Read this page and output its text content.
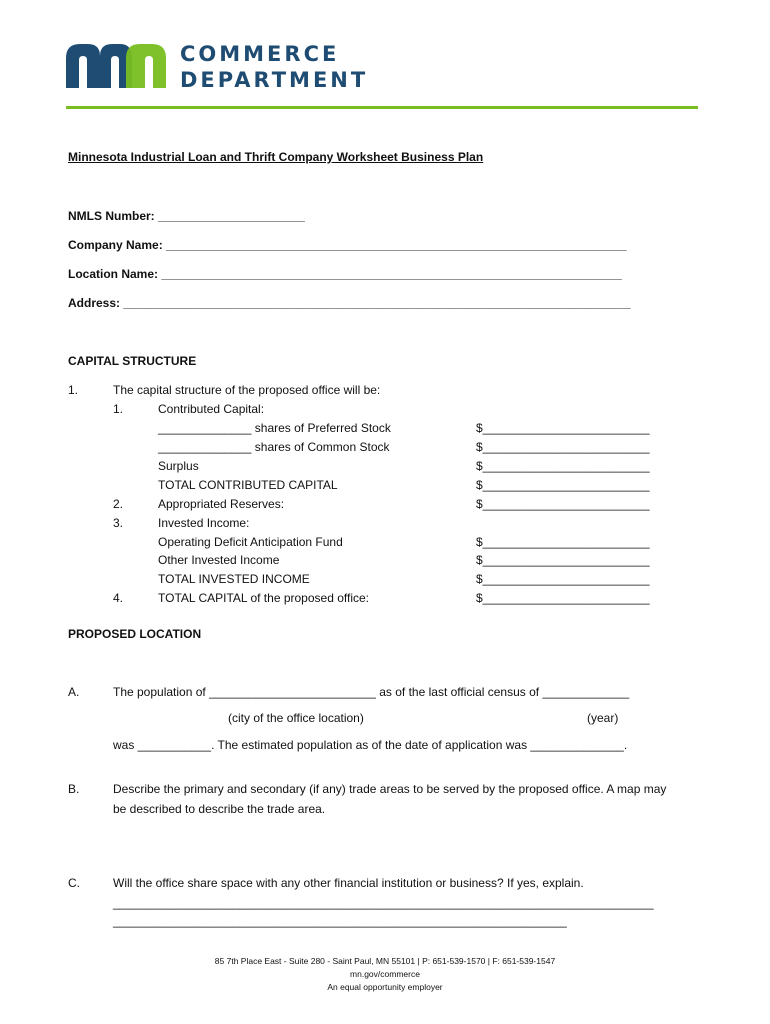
COMMERCE
DEPARTMENT
Minnesota Industrial Loan and Thrift Company Worksheet Business Plan
NMLS Number: ______________________
Company Name: _____________________________________________________________________
Location Name: _____________________________________________________________________
Address: ____________________________________________________________________________
CAPITAL STRUCTURE
1.	The capital structure of the proposed office will be:
1.	Contributed Capital:
______________ shares of Preferred Stock	$_________________________
______________ shares of Common Stock	$_________________________
Surplus	$_________________________
TOTAL CONTRIBUTED CAPITAL	$_________________________
2.	Appropriated Reserves:	$_________________________
3.	Invested Income:
Operating Deficit Anticipation Fund	$_________________________
Other Invested Income	$_________________________
TOTAL INVESTED INCOME	$_________________________
4.	TOTAL CAPITAL of the proposed office:	$_________________________
PROPOSED LOCATION
A.	The population of _________________________ as of the last official census of _____________
(city of the office location)	(year)
was ___________. The estimated population as of the date of application was ______________.
B.	Describe the primary and secondary (if any) trade areas to be served by the proposed office. A map may
be described to describe the trade area.
C.	Will the office share space with any other financial institution or business? If yes, explain.
_________________________________________________________________________________
____________________________________________________________________
85 7th Place East - Suite 280 - Saint Paul, MN 55101 | P: 651-539-1570 | F: 651-539-1547
mn.gov/commerce
An equal opportunity employer
